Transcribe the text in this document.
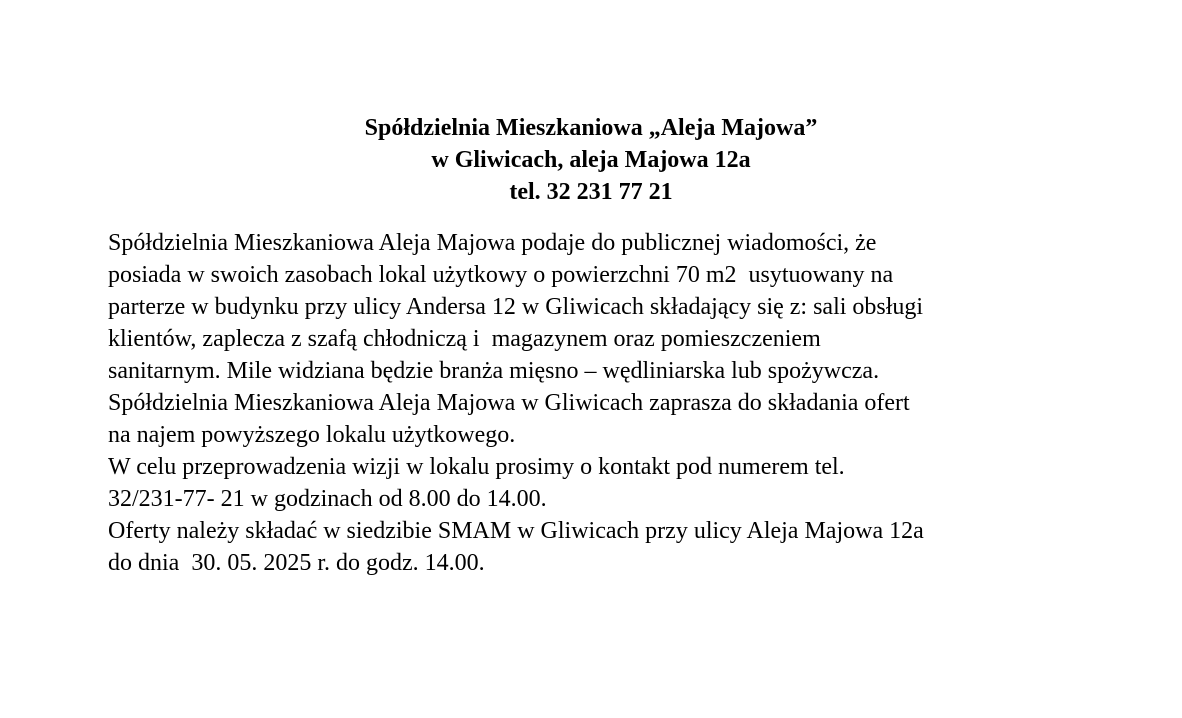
Spółdzielnia Mieszkaniowa „Aleja Majowa”
w Gliwicach, aleja Majowa 12a
tel. 32 231 77 21
Spółdzielnia Mieszkaniowa Aleja Majowa podaje do publicznej wiadomości, że
posiada w swoich zasobach lokal użytkowy o powierzchni 70 m2  usytuowany na
parterze w budynku przy ulicy Andersa 12 w Gliwicach składający się z: sali obsługi
klientów, zaplecza z szafą chłodniczą i  magazynem oraz pomieszczeniem
sanitarnym. Mile widziana będzie branża mięsno – wędliniarska lub spożywcza.
Spółdzielnia Mieszkaniowa Aleja Majowa w Gliwicach zaprasza do składania ofert
na najem powyższego lokalu użytkowego.
W celu przeprowadzenia wizji w lokalu prosimy o kontakt pod numerem tel.
32/231-77- 21 w godzinach od 8.00 do 14.00.
Oferty należy składać w siedzibie SMAM w Gliwicach przy ulicy Aleja Majowa 12a
do dnia  30. 05. 2025 r. do godz. 14.00.
